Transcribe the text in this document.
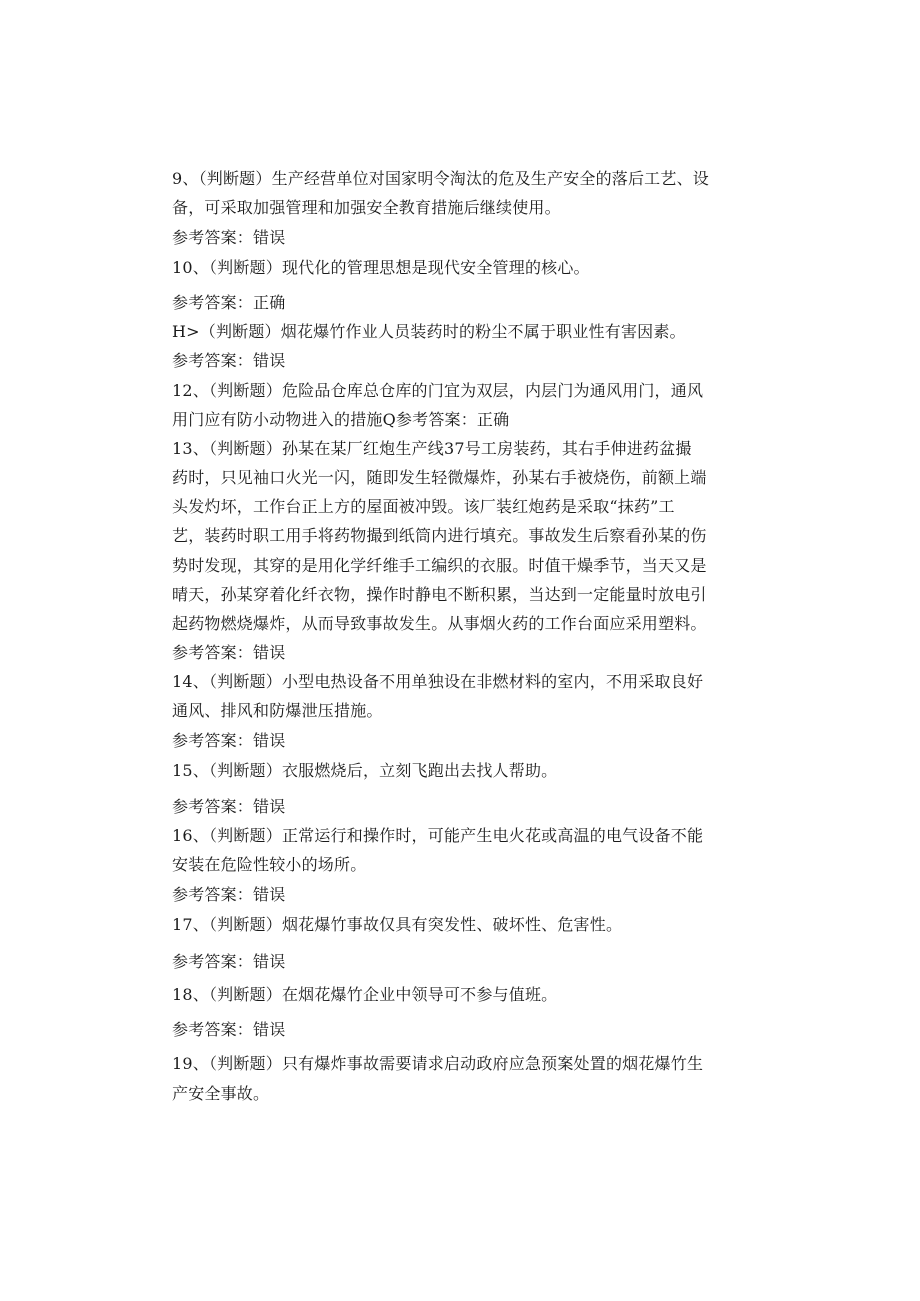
9、（判断题）生产经营单位对国家明令淘汰的危及生产安全的落后工艺、设
备，可采取加强管理和加强安全教育措施后继续使用。
参考答案：错误
10、（判断题）现代化的管理思想是现代安全管理的核心。
参考答案：正确
H>（判断题）烟花爆竹作业人员装药时的粉尘不属于职业性有害因素。
参考答案：错误
12、（判断题）危险品仓库总仓库的门宜为双层，内层门为通风用门，通风
用门应有防小动物进入的措施Q参考答案：正确
13、（判断题）孙某在某厂红炮生产线37号工房装药，其右手伸进药盆撮
药时，只见袖口火光一闪，随即发生轻微爆炸，孙某右手被烧伤，前额上端
头发灼坏，工作台正上方的屋面被冲毁。该厂装红炮药是采取“抹药”工
艺，装药时职工用手将药物撮到纸筒内进行填充。事故发生后察看孙某的伤
势时发现，其穿的是用化学纤维手工编织的衣服。时值干燥季节，当天又是
晴天，孙某穿着化纤衣物，操作时静电不断积累，当达到一定能量时放电引
起药物燃烧爆炸，从而导致事故发生。从事烟火药的工作台面应采用塑料。
参考答案：错误
14、（判断题）小型电热设备不用单独设在非燃材料的室内，不用采取良好
通风、排风和防爆泄压措施。
参考答案：错误
15、（判断题）衣服燃烧后，立刻飞跑出去找人帮助。
参考答案：错误
16、（判断题）正常运行和操作时，可能产生电火花或高温的电气设备不能
安装在危险性较小的场所。
参考答案：错误
17、（判断题）烟花爆竹事故仅具有突发性、破坏性、危害性。
参考答案：错误
18、（判断题）在烟花爆竹企业中领导可不参与值班。
参考答案：错误
19、（判断题）只有爆炸事故需要请求启动政府应急预案处置的烟花爆竹生
产安全事故。
